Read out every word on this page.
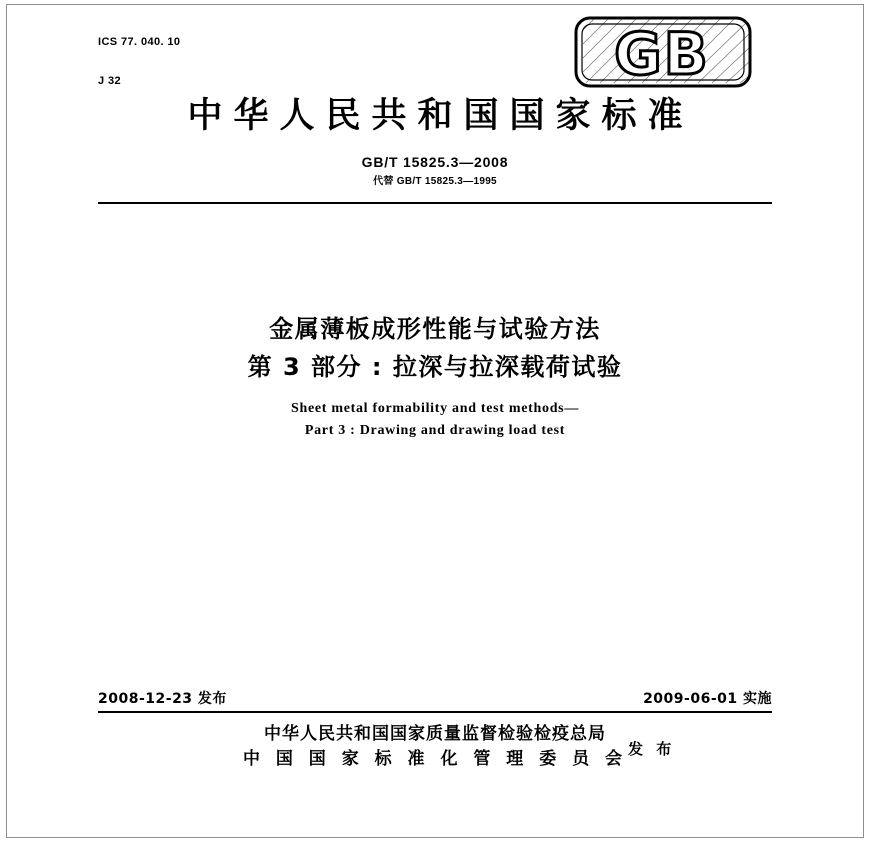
ICS 77. 040. 10

J 32

	GB
中华人民共和国国家标准
GB/T 15825.3—2008
代替 GB/T 15825.3—1995
金属薄板成形性能与试验方法
第 3 部分 : 拉深与拉深载荷试验
Sheet metal formability and test methods—
Part 3 : Drawing and drawing load test
2008-12-23 发布	2009-06-01 实施
中华人民共和国国家质量监督检验检疫总局
中 国 国 家 标 准 化 管 理 委 员 会 发 布
